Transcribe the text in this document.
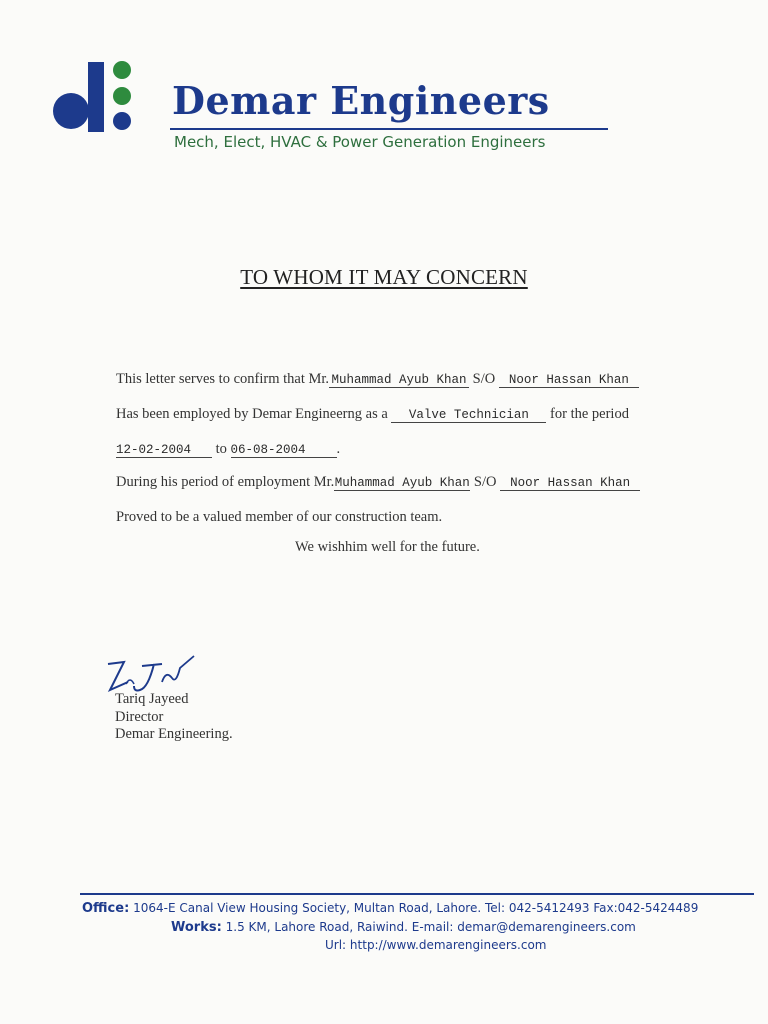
Demar Engineers
Mech, Elect, HVAC & Power Generation Engineers
TO WHOM IT MAY CONCERN
This letter serves to confirm that Mr. Muhammad Ayub Khan S/O Noor Hassan Khan
Has been employed by Demar Engineerng as a Valve Technician for the period
12-02-2004 to 06-08-2004 .
During his period of employment Mr.Muhammad Ayub Khan S/O Noor Hassan Khan
Proved to be a valued member of our construction team.
We wishhim well for the future.
Tariq Jayeed
Director
Demar Engineering.
Office: 1064-E Canal View Housing Society, Multan Road, Lahore. Tel: 042-5412493 Fax:042-5424489
Works: 1.5 KM, Lahore Road, Raiwind. E-mail: demar@demarengineers.com
Url: http://www.demarengineers.com
